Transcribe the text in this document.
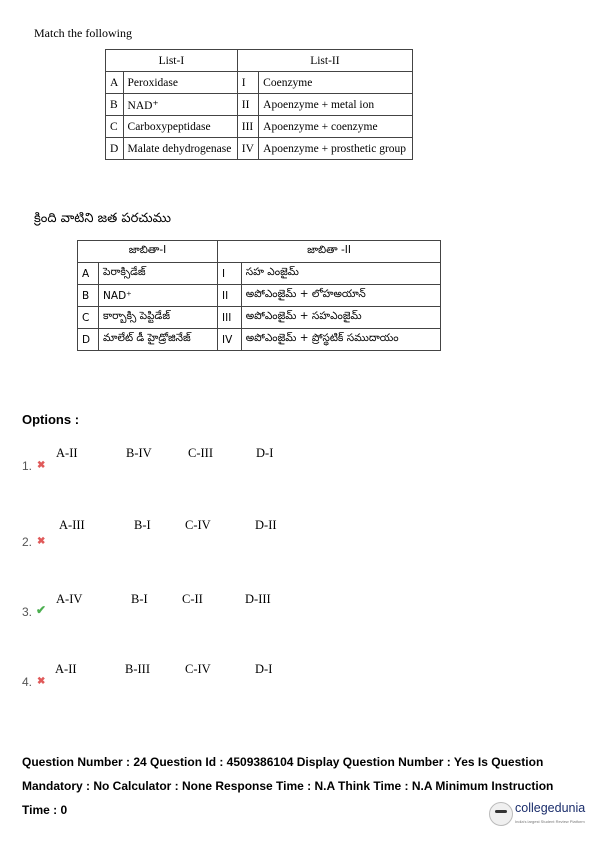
Match the following
List-I		List-II	
A	Peroxidase	I	Coenzyme
B	NAD⁺	II	Apoenzyme + metal ion
C	Carboxypeptidase	III	Apoenzyme + coenzyme
D	Malate dehydrogenase	IV	Apoenzyme + prosthetic group
క్రింది వాటిని జత పరచుము
జాబితా-I		జాబితా -II	
A	పెరాక్సిడేజ్	I	సహ ఎంజైమ్
B	NAD⁺	II	అపోఎంజైమ్ + లోహఅయాన్
C	కార్బాక్సి పెప్టిడేజ్	III	అపోఎంజైమ్ + సహఎంజైమ్
D	మాలేట్ డీ హైడ్రోజినేజ్	IV	అపోఎంజైమ్ + ప్రోస్థటిక్ సముదాయం
Options :
A-II	B-IV	C-III	D-I
1. ✖
A-III	B-I	C-IV	D-II
2. ✖
A-IV	B-I	C-II	D-III
3. ✔
A-II	B-III	C-IV	D-I
4. ✖
Question Number : 24 Question Id : 4509386104 Display Question Number : Yes Is Question Mandatory : No Calculator : None Response Time : N.A Think Time : N.A Minimum Instruction Time : 0	collegedunia
India's largest Student Review Platform
